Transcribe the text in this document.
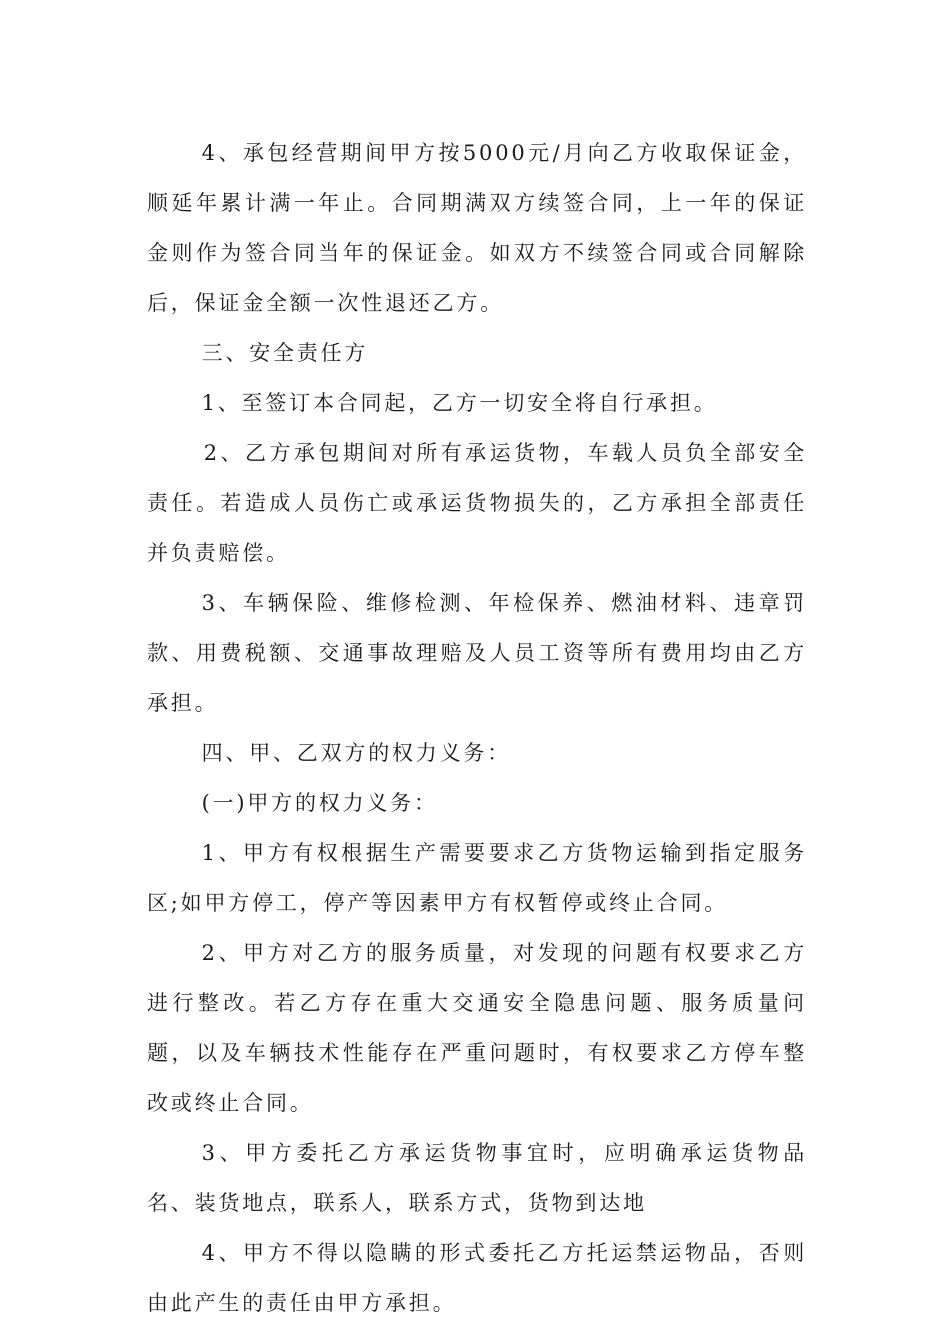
4、承包经营期间甲方按5000元/月向乙方收取保证金，顺延年累计满一年止。合同期满双方续签合同，上一年的保证金则作为签合同当年的保证金。如双方不续签合同或合同解除后，保证金全额一次性退还乙方。

三、安全责任方

1、至签订本合同起，乙方一切安全将自行承担。

2、乙方承包期间对所有承运货物，车载人员负全部安全责任。若造成人员伤亡或承运货物损失的，乙方承担全部责任并负责赔偿。

3、车辆保险、维修检测、年检保养、燃油材料、违章罚款、用费税额、交通事故理赔及人员工资等所有费用均由乙方承担。

四、甲、乙双方的权力义务：

(一)甲方的权力义务：

1、甲方有权根据生产需要要求乙方货物运输到指定服务区;如甲方停工，停产等因素甲方有权暂停或终止合同。

2、甲方对乙方的服务质量，对发现的问题有权要求乙方进行整改。若乙方存在重大交通安全隐患问题、服务质量问题，以及车辆技术性能存在严重问题时，有权要求乙方停车整改或终止合同。

3、甲方委托乙方承运货物事宜时，应明确承运货物品名、装货地点，联系人，联系方式，货物到达地

4、甲方不得以隐瞒的形式委托乙方托运禁运物品，否则由此产生的责任由甲方承担。
